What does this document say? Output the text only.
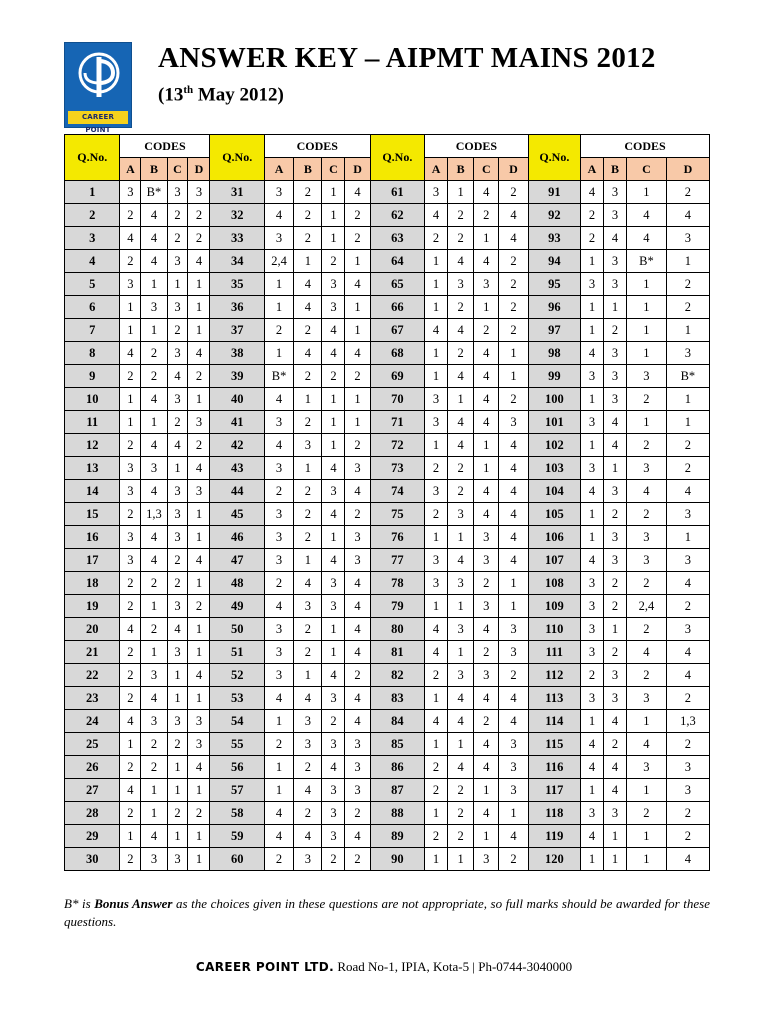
CAREER POINT
ANSWER KEY – AIPMT MAINS 2012
(13th May 2012)
Q.No.	CODES				Q.No.	CODES				Q.No.	CODES				Q.No.	CODES			
	A	B	C	D		A	B	C	D		A	B	C	D		A	B	C	D
1	3	B*	3	3	31	3	2	1	4	61	3	1	4	2	91	4	3	1	2
2	2	4	2	2	32	4	2	1	2	62	4	2	2	4	92	2	3	4	4
3	4	4	2	2	33	3	2	1	2	63	2	2	1	4	93	2	4	4	3
4	2	4	3	4	34	2,4	1	2	1	64	1	4	4	2	94	1	3	B*	1
5	3	1	1	1	35	1	4	3	4	65	1	3	3	2	95	3	3	1	2
6	1	3	3	1	36	1	4	3	1	66	1	2	1	2	96	1	1	1	2
7	1	1	2	1	37	2	2	4	1	67	4	4	2	2	97	1	2	1	1
8	4	2	3	4	38	1	4	4	4	68	1	2	4	1	98	4	3	1	3
9	2	2	4	2	39	B*	2	2	2	69	1	4	4	1	99	3	3	3	B*
10	1	4	3	1	40	4	1	1	1	70	3	1	4	2	100	1	3	2	1
11	1	1	2	3	41	3	2	1	1	71	3	4	4	3	101	3	4	1	1
12	2	4	4	2	42	4	3	1	2	72	1	4	1	4	102	1	4	2	2
13	3	3	1	4	43	3	1	4	3	73	2	2	1	4	103	3	1	3	2
14	3	4	3	3	44	2	2	3	4	74	3	2	4	4	104	4	3	4	4
15	2	1,3	3	1	45	3	2	4	2	75	2	3	4	4	105	1	2	2	3
16	3	4	3	1	46	3	2	1	3	76	1	1	3	4	106	1	3	3	1
17	3	4	2	4	47	3	1	4	3	77	3	4	3	4	107	4	3	3	3
18	2	2	2	1	48	2	4	3	4	78	3	3	2	1	108	3	2	2	4
19	2	1	3	2	49	4	3	3	4	79	1	1	3	1	109	3	2	2,4	2
20	4	2	4	1	50	3	2	1	4	80	4	3	4	3	110	3	1	2	3
21	2	1	3	1	51	3	2	1	4	81	4	1	2	3	111	3	2	4	4
22	2	3	1	4	52	3	1	4	2	82	2	3	3	2	112	2	3	2	4
23	2	4	1	1	53	4	4	3	4	83	1	4	4	4	113	3	3	3	2
24	4	3	3	3	54	1	3	2	4	84	4	4	2	4	114	1	4	1	1,3
25	1	2	2	3	55	2	3	3	3	85	1	1	4	3	115	4	2	4	2
26	2	2	1	4	56	1	2	4	3	86	2	4	4	3	116	4	4	3	3
27	4	1	1	1	57	1	4	3	3	87	2	2	1	3	117	1	4	1	3
28	2	1	2	2	58	4	2	3	2	88	1	2	4	1	118	3	3	2	2
29	1	4	1	1	59	4	4	3	4	89	2	2	1	4	119	4	1	1	2
30	2	3	3	1	60	2	3	2	2	90	1	1	3	2	120	1	1	1	4
B* is Bonus Answer as the choices given in these questions are not appropriate, so full marks should be awarded for these questions.
CAREER POINT LTD. Road No-1, IPIA, Kota-5 | Ph-0744-3040000
